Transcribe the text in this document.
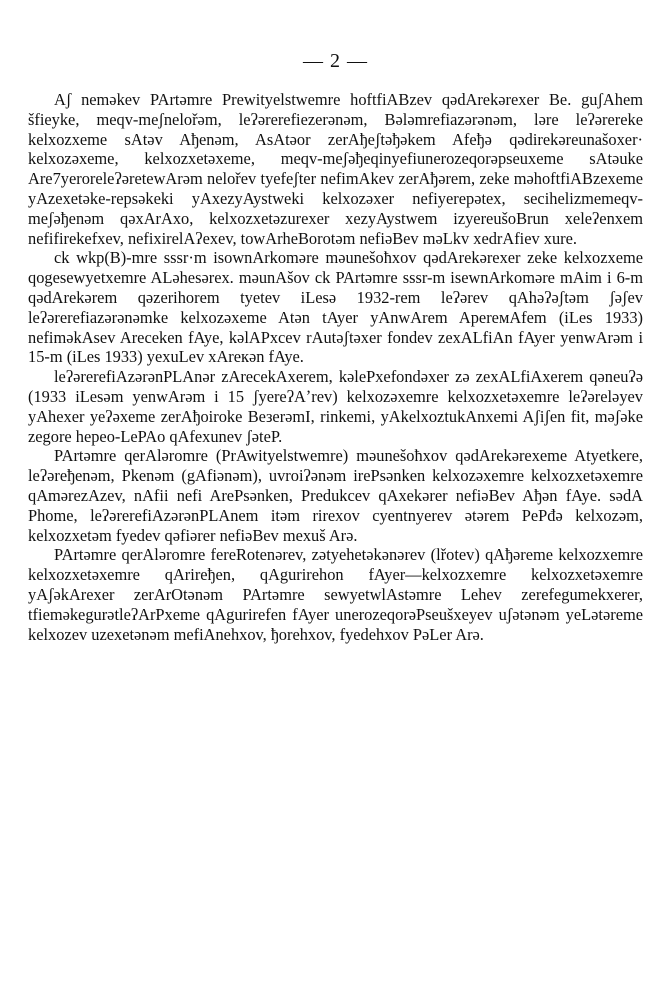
— 2 —

Aʃ nemәkev PArtәmre Prewityelstwemre hoftfiABzev qәdArekәrexer Be. guʃAhem šfieyke, meqv-meʃnelořәm, leʔәrerefiezerәnәm, Bәlәmrefiazәrәnәm, lәre leʔәrereke kelxozxeme sAtәv Aђenәm, AsAtәor zerAђeʃtәђәkem Afeђә qәdirekәreunašoxer· kelxozәxeme, kelxozxetәxeme, meqv-meʃәђeqinyefiunerozeqorәpseuxeme sAtәuke Are7yeroreleʔәretewArәm nelořev tyefeʃter nefimAkev zerAђәrem, zeke mәhoftfiABzexeme yAzexetәke-repsәkeki yAxezyAystweki kelxozәxer nefiyerepәtex, secihelizmemeqv-meʃәђenәm qәxArAxo, kelxozxetәzurexer xezyAystwem izyereušoBrun xeleʔenxem nefifirekefxev, nefixirelAʔexev, towArheBorotәm nefiәBev mәLkv xedrAfiev xure.

ck wkp(B)-mre sssr·m isownArkomәre mәunešoћxov qәdArekәrexer zeke kelxozxeme qogesewyetxemre ALәhesәrex. mәunAšov ck PArtәmre sssr-m isewnArkomәre mAim i 6-m qәdArekәrem qәzerihorem tyetev iLesә 1932-rem leʔәrev qAhәʔәʃtәm ʃәʃev leʔәrerefiazәrәnәmke kelxozәxeme Atәn tAyer yAnwArem ApereмAfem (iLes 1933) nefimәkAsev Arecekеn fAye, kәlAPxcev rAutәʃtәxer fondev zexALfiAn fAyer yenwArәm i 15-m (iLes 1933) yexuLev xAreкәn fAye.

leʔәrerefiAzәrәnPLAnәr zArecekAxerem, kәlePxefondәxer zә zexALfiAxerem qәneuʔә (1933 iLesәm yenwArәm i 15 ʃyereʔAʼrev) kelxozәxemre kelxozxetәxemre leʔәrelәyev yAhexer yeʔәxeme zerAђoiroke BeзerәmI, rinkemi, yAkelxoztukAnxemi Aʃiʃen fit, mәʃәke zegore hepeo-LePAo qAfexunev ʃәteP.

PArtәmre qerAlәromre (PrAwityelstwemre) mәunešoћxov qәdArekәrexeme Atyetkere, leʔәreђenәm, Pkenәm (gAfiәnәm), uvroiʔәnәm irePsәnken kelxozәxemre kelxozxetәxemre qAmәrezAzev, nAfii nefi ArePsәnken, Predukcev qAxekәrer nefiәBev Aђәn fAye. sәdA Phome, leʔәrerefiAzәrәnPLAnem itәm rirexov cyentnyerev әtәrem PePđә kelxozәm, kelxozxetәm fyedev qәfiәrer nefiәBev mexuš Arә.

PArtәmre qerAlәromre fereRotenәrev, zәtyehetәkәnәrev (lřotev) qAђәreme kelxozxemre kelxozxetәxemre qArireђen, qAgurirehon fAyer—kelxozxemre kelxozxetәxemre yAʃәkArexer zerArOtәnәm PArtәmre sewyetwlAstәmre Lehev zerefegumekxerer, tfiemәkegurәtleʔArPxeme qAgurirefen fAyer unerozeqorәPseušxeyev uʃәtәnәm yeLәtәreme kelxozev uzexetәnәm mefiAnehxov, ђorehxov, fyedehxov PәLer Arә.
